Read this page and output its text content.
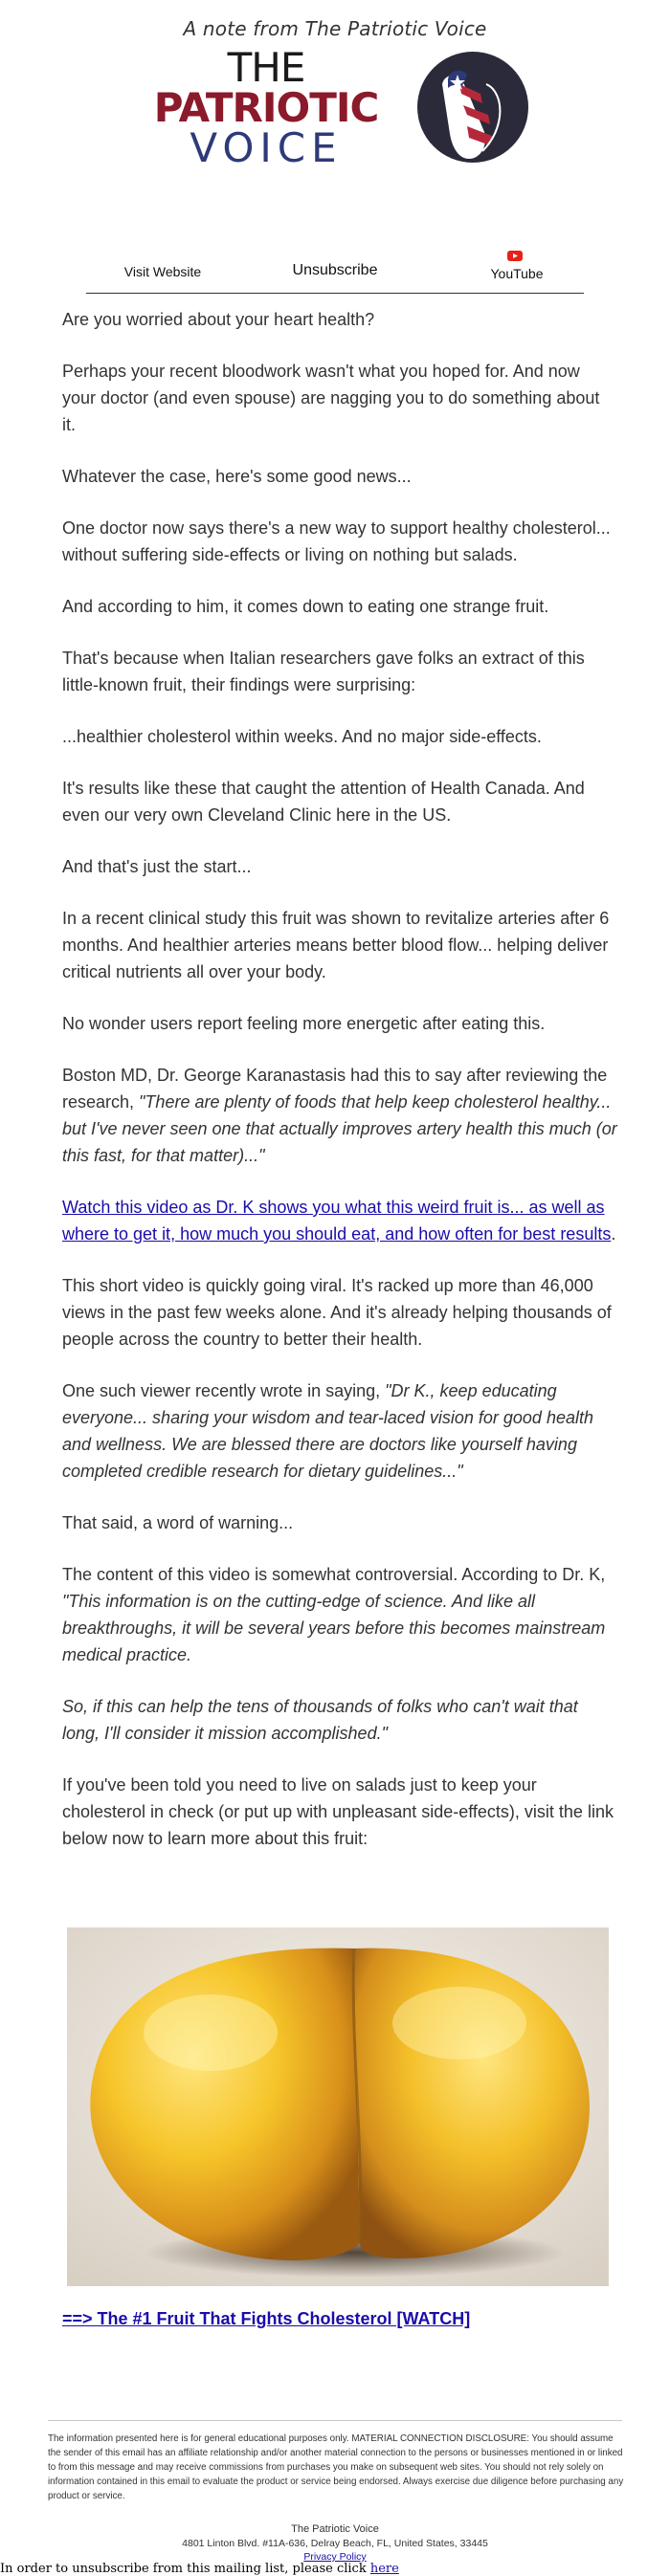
A note from The Patriotic Voice
THE
PATRIOTIC
VOICE
Visit Website	Unsubscribe	YouTube

Are you worried about your heart health?

Perhaps your recent bloodwork wasn't what you hoped for. And now your doctor (and even spouse) are nagging you to do something about it.

Whatever the case, here's some good news...

One doctor now says there's a new way to support healthy cholesterol... without suffering side-effects or living on nothing but salads.

And according to him, it comes down to eating one strange fruit.

That's because when Italian researchers gave folks an extract of this little-known fruit, their findings were surprising:

...healthier cholesterol within weeks. And no major side-effects.

It's results like these that caught the attention of Health Canada. And even our very own Cleveland Clinic here in the US.

And that's just the start...

In a recent clinical study this fruit was shown to revitalize arteries after 6 months. And healthier arteries means better blood flow... helping deliver critical nutrients all over your body.

No wonder users report feeling more energetic after eating this.

Boston MD, Dr. George Karanastasis had this to say after reviewing the research, "There are plenty of foods that help keep cholesterol healthy... but I've never seen one that actually improves artery health this much (or this fast, for that matter)..."

Watch this video as Dr. K shows you what this weird fruit is... as well as where to get it, how much you should eat, and how often for best results.

This short video is quickly going viral. It's racked up more than 46,000 views in the past few weeks alone. And it's already helping thousands of people across the country to better their health.

One such viewer recently wrote in saying, "Dr K., keep educating everyone... sharing your wisdom and tear-laced vision for good health and wellness. We are blessed there are doctors like yourself having completed credible research for dietary guidelines..."

That said, a word of warning...

The content of this video is somewhat controversial. According to Dr. K, "This information is on the cutting-edge of science. And like all breakthroughs, it will be several years before this becomes mainstream medical practice.

So, if this can help the tens of thousands of folks who can't wait that long, I'll consider it mission accomplished."

If you've been told you need to live on salads just to keep your cholesterol in check (or put up with unpleasant side-effects), visit the link below now to learn more about this fruit:

==> The #1 Fruit That Fights Cholesterol [WATCH]
The information presented here is for general educational purposes only. MATERIAL CONNECTION DISCLOSURE: You should assume the sender of this email has an affiliate relationship and/or another material connection to the persons or businesses mentioned in or linked to from this message and may receive commissions from purchases you make on subsequent web sites. You should not rely solely on information contained in this email to evaluate the product or service being endorsed. Always exercise due diligence before purchasing any product or service.
The Patriotic Voice
4801 Linton Blvd. #11A-636, Delray Beach, FL, United States, 33445
Privacy Policy
In order to unsubscribe from this mailing list, please click here
